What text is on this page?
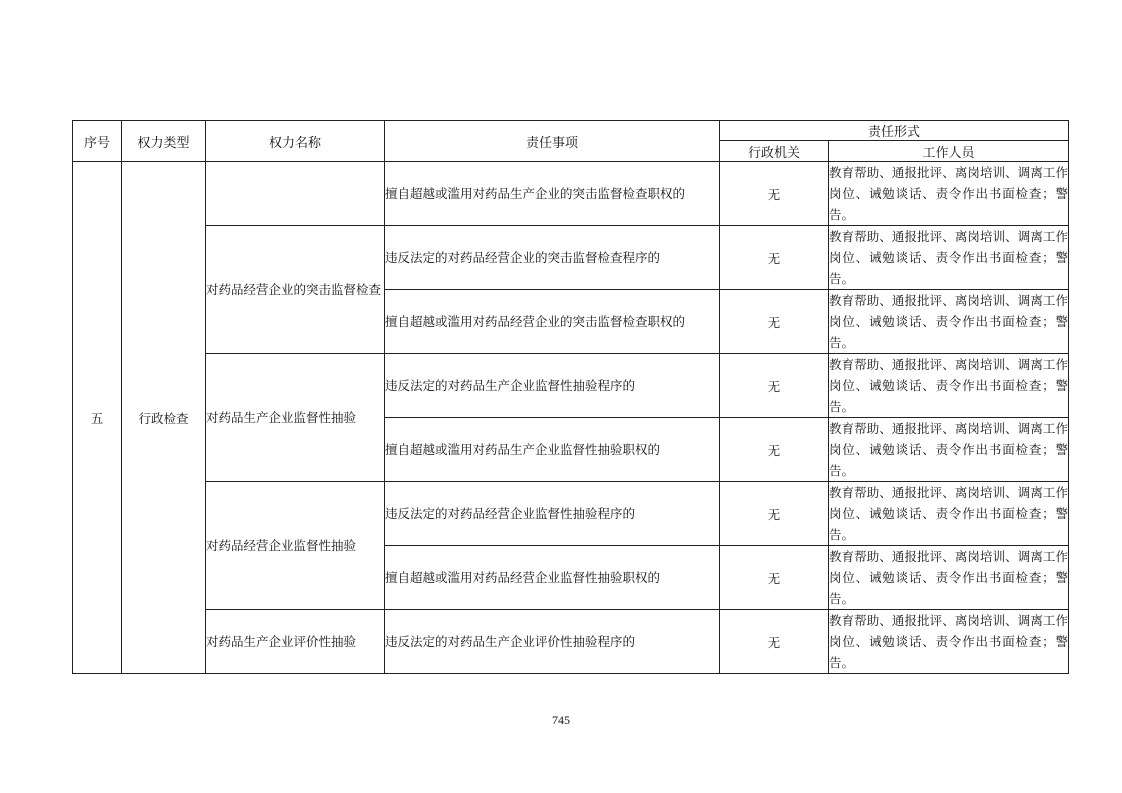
序号	权力类型	权力名称	责任事项	责任形式	
				行政机关	工作人员
五	行政检查		擅自超越或滥用对药品生产企业的突击监督检查职权的	无	教育帮助、通报批评、离岗培训、调离工作岗位、诫勉谈话、责令作出书面检查；警告。
		对药品经营企业的突击监督检查	违反法定的对药品经营企业的突击监督检查程序的	无	教育帮助、通报批评、离岗培训、调离工作岗位、诫勉谈话、责令作出书面检查；警告。
			擅自超越或滥用对药品经营企业的突击监督检查职权的	无	教育帮助、通报批评、离岗培训、调离工作岗位、诫勉谈话、责令作出书面检查；警告。
		对药品生产企业监督性抽验	违反法定的对药品生产企业监督性抽验程序的	无	教育帮助、通报批评、离岗培训、调离工作岗位、诫勉谈话、责令作出书面检查；警告。
			擅自超越或滥用对药品生产企业监督性抽验职权的	无	教育帮助、通报批评、离岗培训、调离工作岗位、诫勉谈话、责令作出书面检查；警告。
		对药品经营企业监督性抽验	违反法定的对药品经营企业监督性抽验程序的	无	教育帮助、通报批评、离岗培训、调离工作岗位、诫勉谈话、责令作出书面检查；警告。
			擅自超越或滥用对药品经营企业监督性抽验职权的	无	教育帮助、通报批评、离岗培训、调离工作岗位、诫勉谈话、责令作出书面检查；警告。
		对药品生产企业评价性抽验	违反法定的对药品生产企业评价性抽验程序的	无	教育帮助、通报批评、离岗培训、调离工作岗位、诫勉谈话、责令作出书面检查；警告。
745
